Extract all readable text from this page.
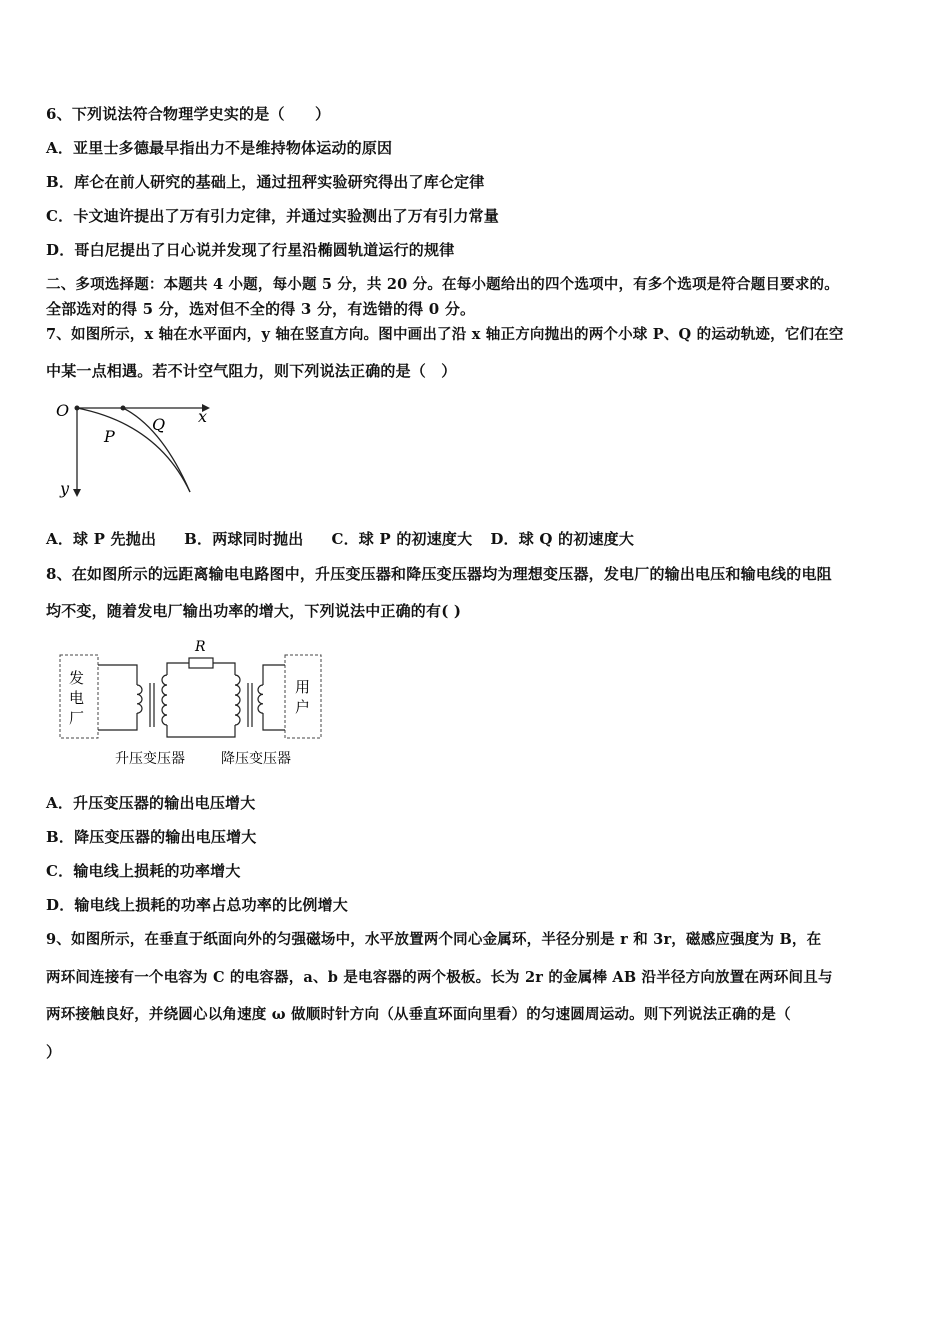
6、下列说法符合物理学史实的是（　　）
A．亚里士多德最早指出力不是维持物体运动的原因
B．库仑在前人研究的基础上，通过扭秤实验研究得出了库仑定律
C．卡文迪许提出了万有引力定律，并通过实验测出了万有引力常量
D．哥白尼提出了日心说并发现了行星沿椭圆轨道运行的规律
二、多项选择题：本题共 4 小题，每小题 5 分，共 20 分。在每小题给出的四个选项中，有多个选项是符合题目要求的。
全部选对的得 5 分，选对但不全的得 3 分，有选错的得 0 分。
7、如图所示，x 轴在水平面内，y 轴在竖直方向。图中画出了沿 x 轴正方向抛出的两个小球 P、Q 的运动轨迹，它们在空
中某一点相遇。若不计空气阻力，则下列说法正确的是（　）
O	x
y
P
Q
A．球 P 先抛出 B．两球同时抛出 C．球 P 的初速度大 D．球 Q 的初速度大
8、在如图所示的远距离输电电路图中，升压变压器和降压变压器均为理想变压器，发电厂的输出电压和输电线的电阻
均不变，随着发电厂输出功率的增大，下列说法中正确的有( )
发
电
厂
用
户
R
升压变压器	降压变压器
A．升压变压器的输出电压增大
B．降压变压器的输出电压增大
C．输电线上损耗的功率增大
D．输电线上损耗的功率占总功率的比例增大
9、如图所示，在垂直于纸面向外的匀强磁场中，水平放置两个同心金属环，半径分别是 r 和 3r，磁感应强度为 B，在
两环间连接有一个电容为 C 的电容器，a、b 是电容器的两个极板。长为 2r 的金属棒 AB 沿半径方向放置在两环间且与
两环接触良好，并绕圆心以角速度 ω 做顺时针方向（从垂直环面向里看）的匀速圆周运动。则下列说法正确的是（
）
